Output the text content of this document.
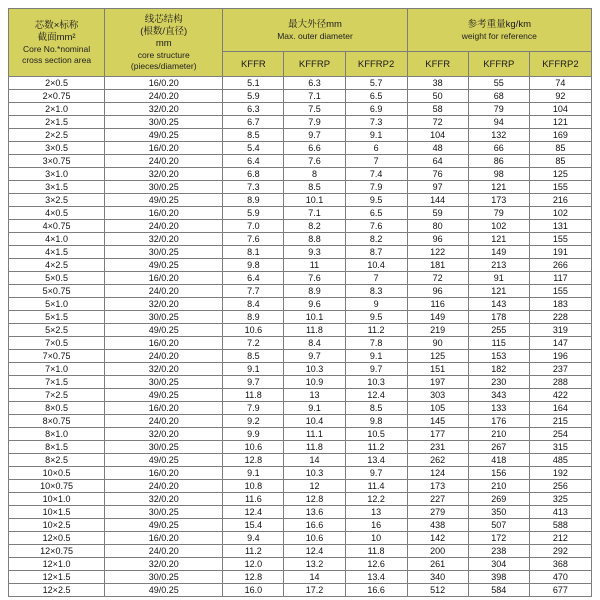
芯数×标称
截面mm²
Core No.*nominal
cross section area

线芯结构
(根数/直径)
mm
core structure
(pieces/diameter)

最大外径mm
Max. outer diameter

参考重量kg/km
weight for reference

		KFFR	KFFRP	KFFRP2	KFFR	KFFRP	KFFRP2
2×0.5	16/0.20	5.1	6.3	5.7	38	55	74
2×0.75	24/0.20	5.9	7.1	6.5	50	68	92
2×1.0	32/0.20	6.3	7.5	6.9	58	79	104
2×1.5	30/0.25	6.7	7.9	7.3	72	94	121
2×2.5	49/0.25	8.5	9.7	9.1	104	132	169
3×0.5	16/0.20	5.4	6.6	6	48	66	85
3×0.75	24/0.20	6.4	7.6	7	64	86	85
3×1.0	32/0.20	6.8	8	7.4	76	98	125
3×1.5	30/0.25	7.3	8.5	7.9	97	121	155
3×2.5	49/0.25	8.9	10.1	9.5	144	173	216
4×0.5	16/0.20	5.9	7.1	6.5	59	79	102
4×0.75	24/0.20	7.0	8.2	7.6	80	102	131
4×1.0	32/0.20	7.6	8.8	8.2	96	121	155
4×1.5	30/0.25	8.1	9.3	8.7	122	149	191
4×2.5	49/0.25	9.8	11	10.4	181	213	266
5×0.5	16/0.20	6.4	7.6	7	72	91	117
5×0.75	24/0.20	7.7	8.9	8.3	96	121	155
5×1.0	32/0.20	8.4	9.6	9	116	143	183
5×1.5	30/0.25	8.9	10.1	9.5	149	178	228
5×2.5	49/0.25	10.6	11.8	11.2	219	255	319
7×0.5	16/0.20	7.2	8.4	7.8	90	115	147
7×0.75	24/0.20	8.5	9.7	9.1	125	153	196
7×1.0	32/0.20	9.1	10.3	9.7	151	182	237
7×1.5	30/0.25	9.7	10.9	10.3	197	230	288
7×2.5	49/0.25	11.8	13	12.4	303	343	422
8×0.5	16/0.20	7.9	9.1	8.5	105	133	164
8×0.75	24/0.20	9.2	10.4	9.8	145	176	215
8×1.0	32/0.20	9.9	11.1	10.5	177	210	254
8×1.5	30/0.25	10.6	11.8	11.2	231	267	315
8×2.5	49/0.25	12.8	14	13.4	262	418	485
10×0.5	16/0.20	9.1	10.3	9.7	124	156	192
10×0.75	24/0.20	10.8	12	11.4	173	210	256
10×1.0	32/0.20	11.6	12.8	12.2	227	269	325
10×1.5	30/0.25	12.4	13.6	13	279	350	413
10×2.5	49/0.25	15.4	16.6	16	438	507	588
12×0.5	16/0.20	9.4	10.6	10	142	172	212
12×0.75	24/0.20	11.2	12.4	11.8	200	238	292
12×1.0	32/0.20	12.0	13.2	12.6	261	304	368
12×1.5	30/0.25	12.8	14	13.4	340	398	470
12×2.5	49/0.25	16.0	17.2	16.6	512	584	677
